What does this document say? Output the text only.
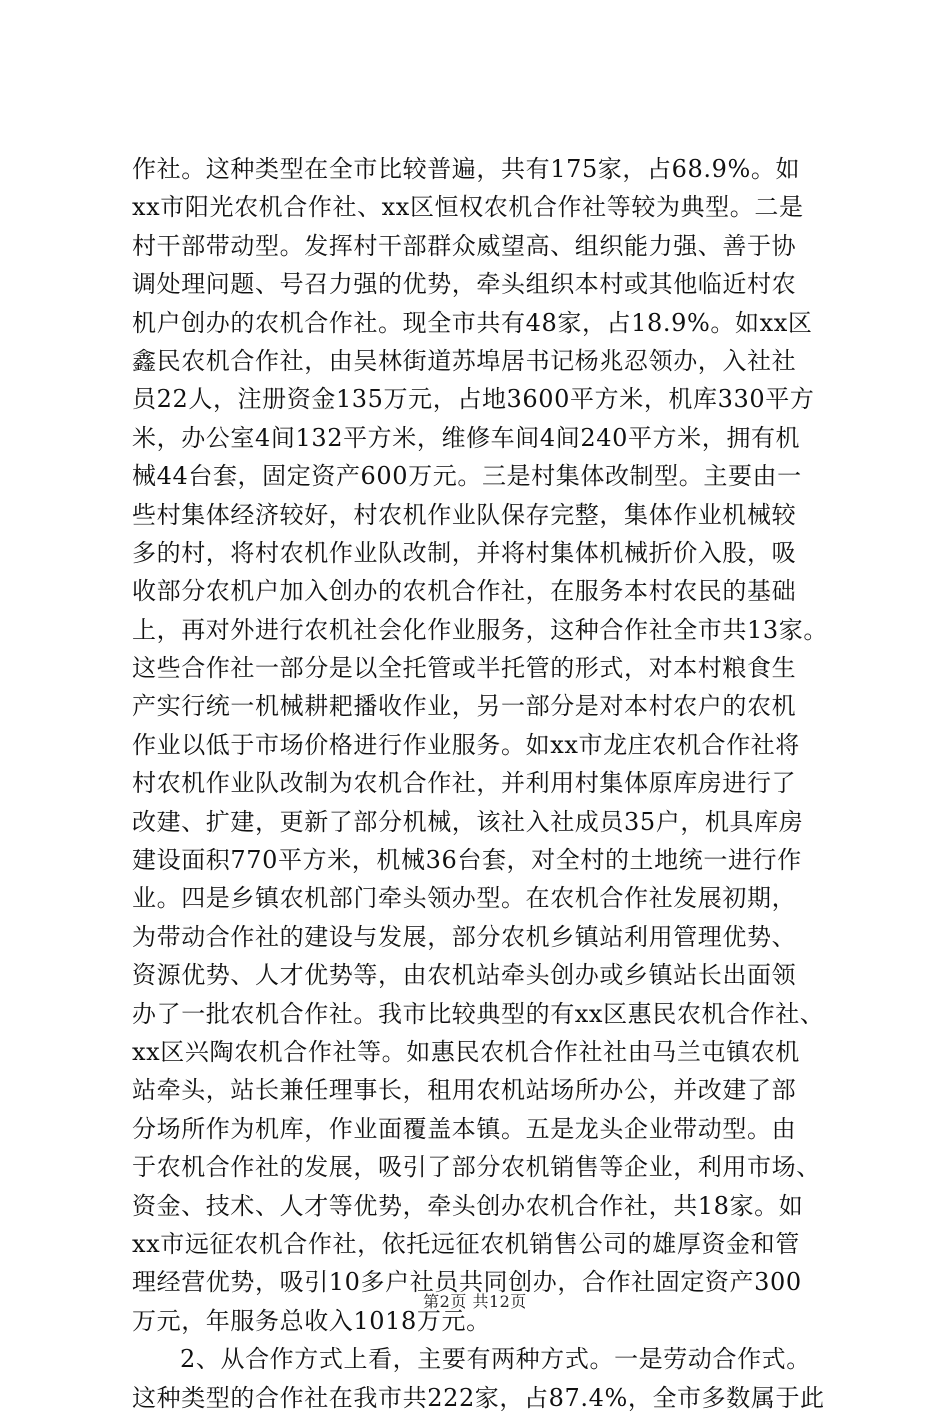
作社。这种类型在全市比较普遍，共有175家，占68.9%。如
xx市阳光农机合作社、xx区恒权农机合作社等较为典型。二是
村干部带动型。发挥村干部群众威望高、组织能力强、善于协
调处理问题、号召力强的优势，牵头组织本村或其他临近村农
机户创办的农机合作社。现全市共有48家，占18.9%。如xx区
鑫民农机合作社，由吴林街道苏埠居书记杨兆忍领办，入社社
员22人，注册资金135万元，占地3600平方米，机库330平方
米，办公室4间132平方米，维修车间4间240平方米，拥有机
械44台套，固定资产600万元。三是村集体改制型。主要由一
些村集体经济较好，村农机作业队保存完整，集体作业机械较
多的村，将村农机作业队改制，并将村集体机械折价入股，吸
收部分农机户加入创办的农机合作社，在服务本村农民的基础
上，再对外进行农机社会化作业服务，这种合作社全市共13家。
这些合作社一部分是以全托管或半托管的形式，对本村粮食生
产实行统一机械耕耙播收作业，另一部分是对本村农户的农机
作业以低于市场价格进行作业服务。如xx市龙庄农机合作社将
村农机作业队改制为农机合作社，并利用村集体原库房进行了
改建、扩建，更新了部分机械，该社入社成员35户，机具库房
建设面积770平方米，机械36台套，对全村的土地统一进行作
业。四是乡镇农机部门牵头领办型。在农机合作社发展初期，
为带动合作社的建设与发展，部分农机乡镇站利用管理优势、
资源优势、人才优势等，由农机站牵头创办或乡镇站长出面领
办了一批农机合作社。我市比较典型的有xx区惠民农机合作社、
xx区兴陶农机合作社等。如惠民农机合作社社由马兰屯镇农机
站牵头，站长兼任理事长，租用农机站场所办公，并改建了部
分场所作为机库，作业面覆盖本镇。五是龙头企业带动型。由
于农机合作社的发展，吸引了部分农机销售等企业，利用市场、
资金、技术、人才等优势，牵头创办农机合作社，共18家。如
xx市远征农机合作社，依托远征农机销售公司的雄厚资金和管
理经营优势，吸引10多户社员共同创办，合作社固定资产300
万元，年服务总收入1018万元。
2、从合作方式上看，主要有两种方式。一是劳动合作式。
这种类型的合作社在我市共222家，占87.4%，全市多数属于此
第2页 共12页
